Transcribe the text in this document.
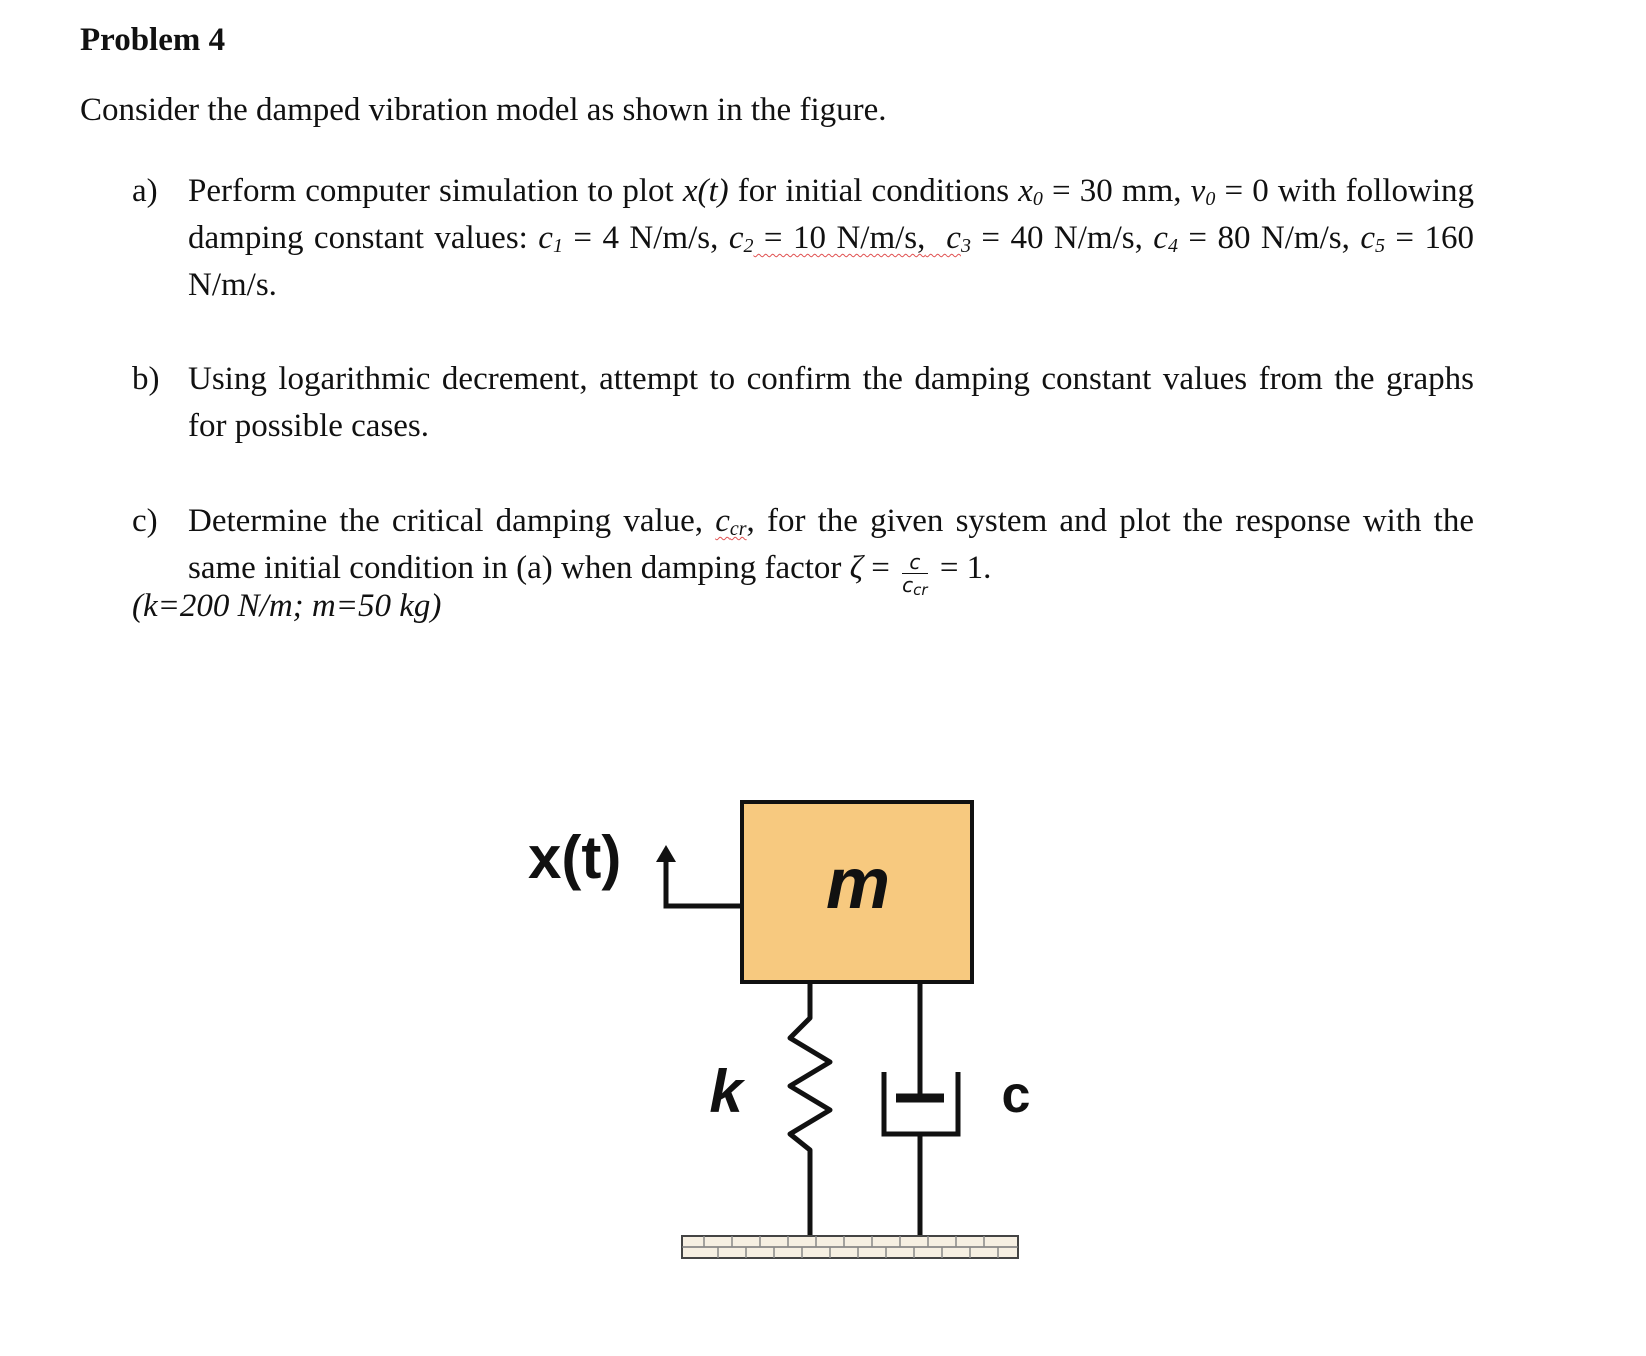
Problem 4
Consider the damped vibration model as shown in the figure.
a) Perform computer simulation to plot x(t) for initial conditions $x_0 = 30$ mm, $v_0 = 0$ with following damping constant values: $c_1 = 4$ N/m/s, $c_2 = 10$ N/m/s, $c_3 = 40$ N/m/s, $c_4 = 80$ N/m/s, $c_5 = 160$ N/m/s.
b) Using logarithmic decrement, attempt to confirm the damping constant values from the graphs for possible cases.
c) Determine the critical damping value, $c_{cr}$, for the given system and plot the response with the same initial condition in (a) when damping factor $\zeta = \frac{c}{c_{cr}} = 1$.
(k=200 N/m; m=50 kg)
x(t)	m
k	c
